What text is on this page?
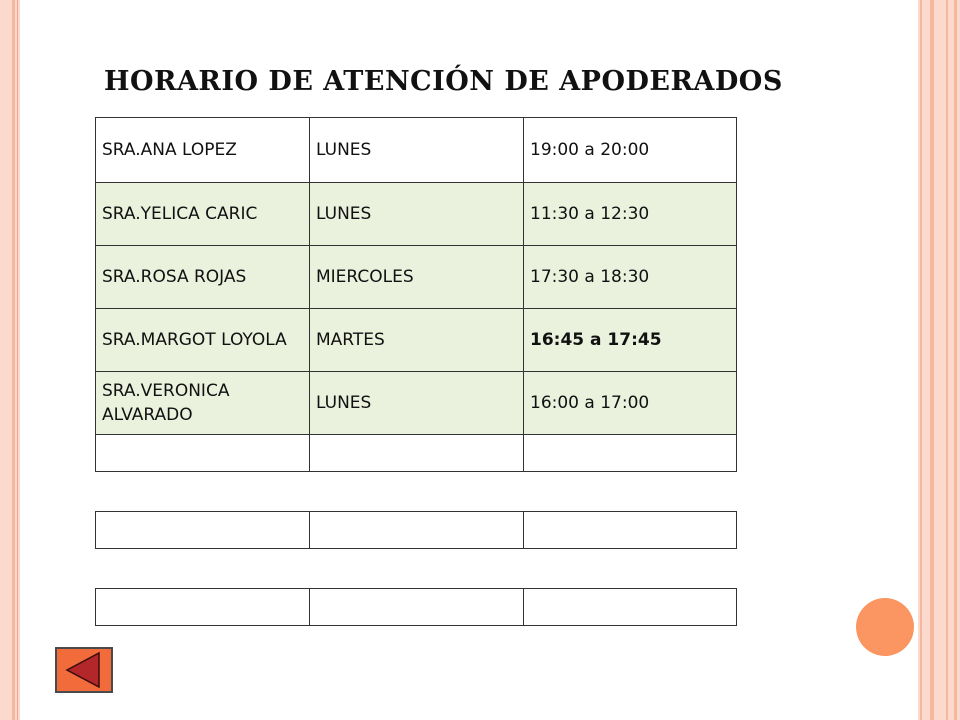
HORARIO DE ATENCIÓN DE APODERADOS
SRA.ANA LOPEZ	LUNES	19:00 a 20:00
SRA.YELICA CARIC	LUNES	11:30 a 12:30
SRA.ROSA ROJAS	MIERCOLES	17:30 a 18:30
SRA.MARGOT LOYOLA	MARTES	16:45 a 17:45
SRA.VERONICA ALVARADO	LUNES	16:00 a 17:00
